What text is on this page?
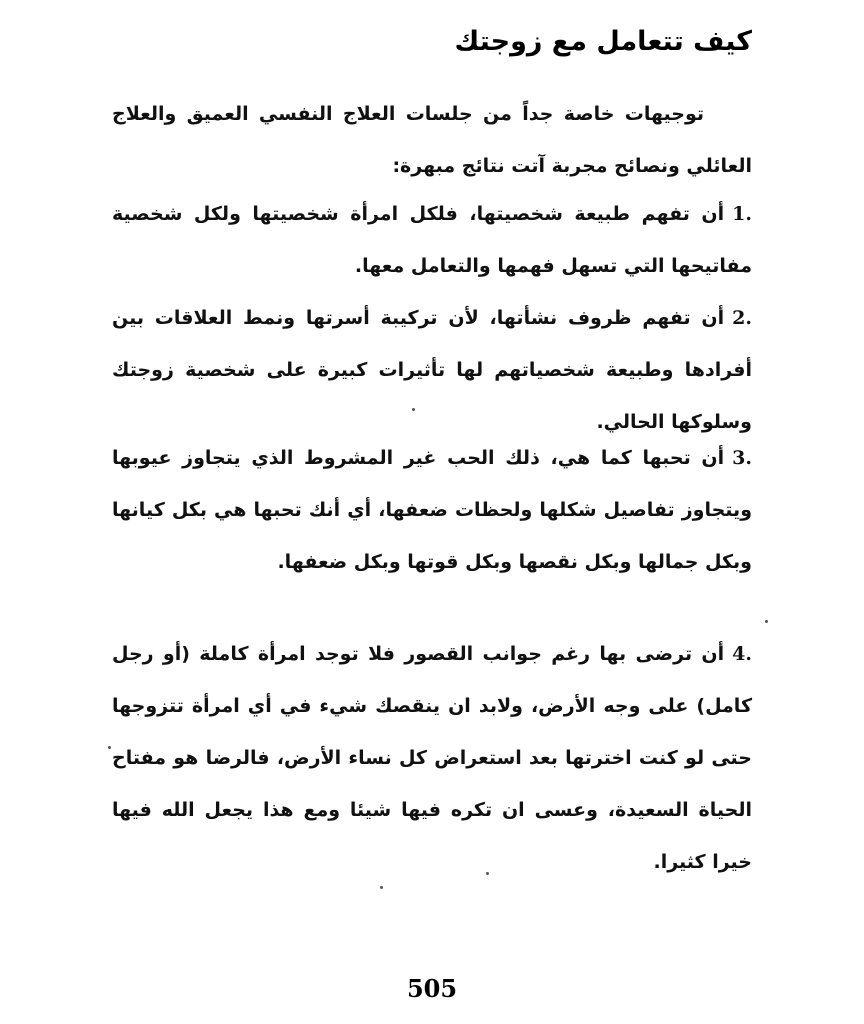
كيف تتعامل مع زوجتك

توجيهات خاصة جداً من جلسات العلاج النفسي العميق والعلاج العائلي ونصائح مجربة آتت نتائج مبهرة:

1.أن تفهم طبيعة شخصيتها، فلكل امرأة شخصيتها ولكل شخصية مفاتيحها التي تسهل فهمها والتعامل معها.
2.أن تفهم ظروف نشأتها، لأن تركيبة أسرتها ونمط العلاقات بين أفرادها وطبيعة شخصياتهم لها تأثيرات كبيرة على شخصية زوجتك وسلوكها الحالي.
3.أن تحبها كما هي، ذلك الحب غير المشروط الذي يتجاوز عيوبها ويتجاوز تفاصيل شكلها ولحظات ضعفها، أي أنك تحبها هي بكل كيانها وبكل جمالها وبكل نقصها وبكل قوتها وبكل ضعفها.
4.أن ترضى بها رغم جوانب القصور فلا توجد امرأة كاملة (أو رجل كامل) على وجه الأرض، ولابد ان ينقصك شيء في أي امرأة تتزوجها حتى لو كنت اخترتها بعد استعراض كل نساء الأرض، فالرضا هو مفتاح الحياة السعيدة، وعسى ان تكره فيها شيئا ومع هذا يجعل الله فيها خيرا كثيرا.
505
